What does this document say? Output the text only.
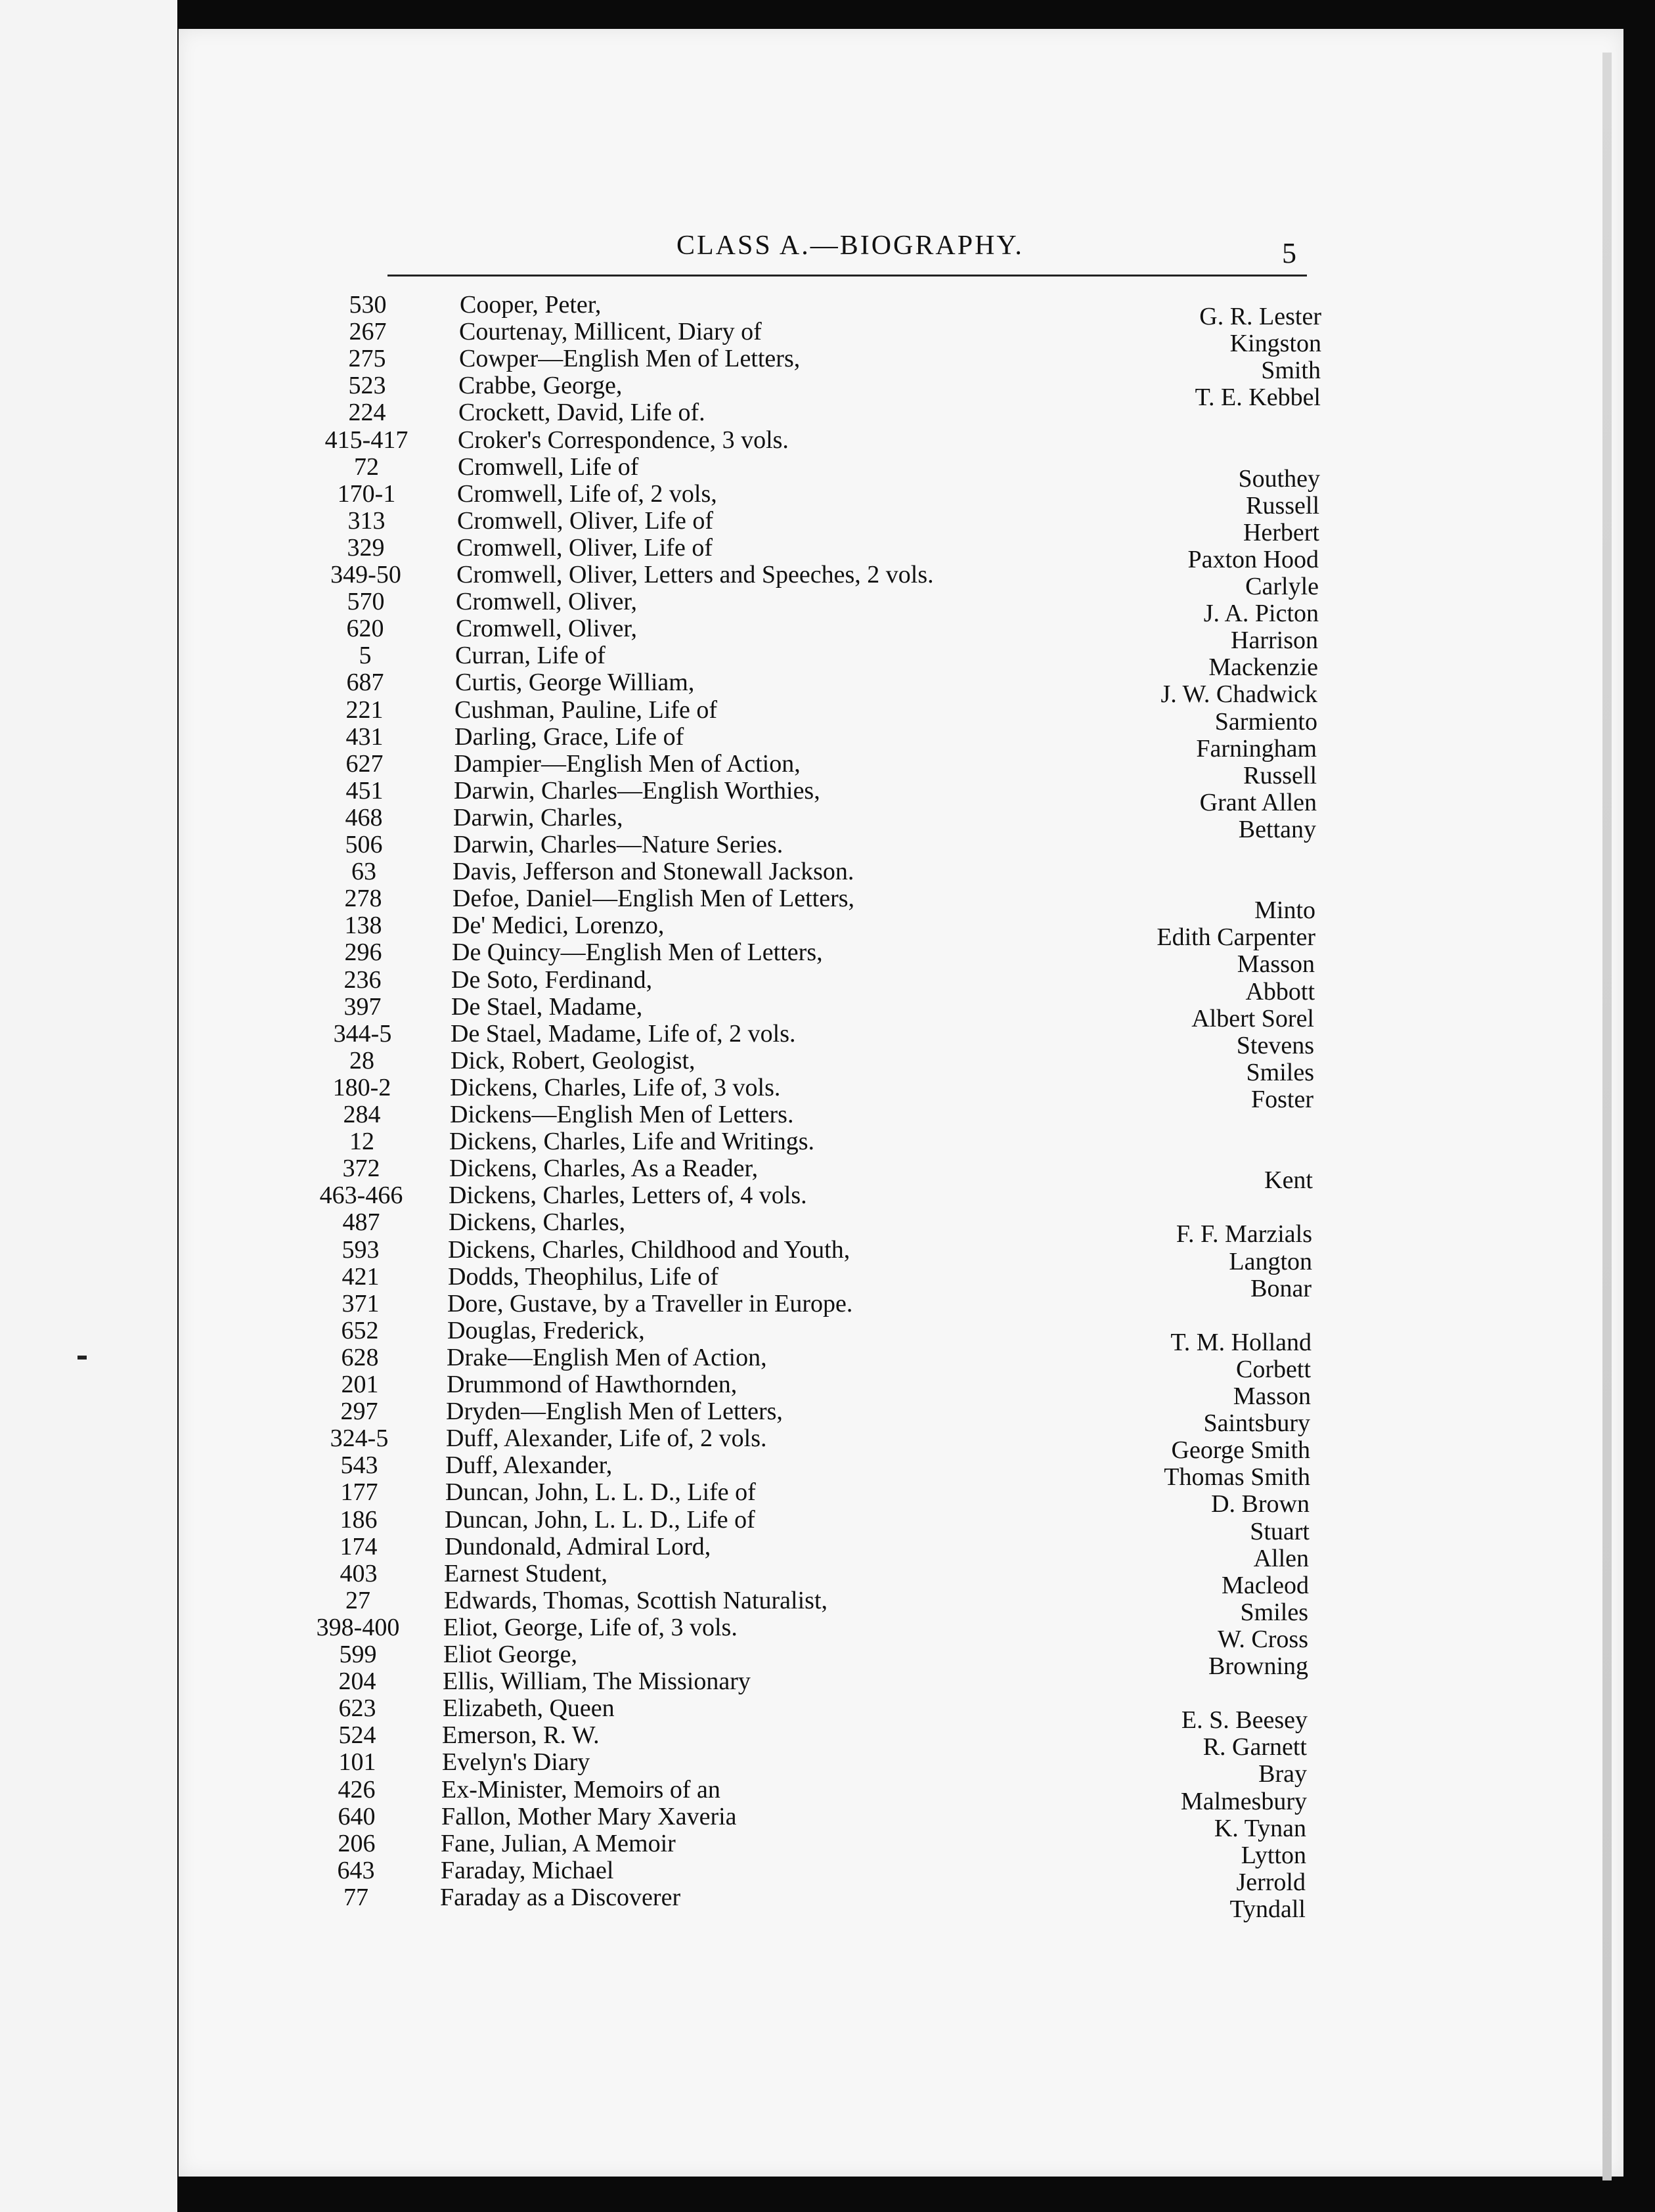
CLASS A.—BIOGRAPHY.	5
530	Cooper, Peter,	G. R. Lester
267	Courtenay, Millicent, Diary of	Kingston
275	Cowper—English Men of Letters,	Smith
523	Crabbe, George,	T. E. Kebbel
224	Crockett, David, Life of.
415-417	Croker's Correspondence, 3 vols.
72	Cromwell, Life of	Southey
170-1	Cromwell, Life of, 2 vols,	Russell
313	Cromwell, Oliver, Life of	Herbert
329	Cromwell, Oliver, Life of	Paxton Hood
349-50	Cromwell, Oliver, Letters and Speeches, 2 vols.	Carlyle
570	Cromwell, Oliver,	J. A. Picton
620	Cromwell, Oliver,	Harrison
5	Curran, Life of	Mackenzie
687	Curtis, George William,	J. W. Chadwick
221	Cushman, Pauline, Life of	Sarmiento
431	Darling, Grace, Life of	Farningham
627	Dampier—English Men of Action,	Russell
451	Darwin, Charles—English Worthies,	Grant Allen
468	Darwin, Charles,	Bettany
506	Darwin, Charles—Nature Series.
63	Davis, Jefferson and Stonewall Jackson.
278	Defoe, Daniel—English Men of Letters,	Minto
138	De' Medici, Lorenzo,	Edith Carpenter
296	De Quincy—English Men of Letters,	Masson
236	De Soto, Ferdinand,	Abbott
397	De Stael, Madame,	Albert Sorel
344-5	De Stael, Madame, Life of, 2 vols.	Stevens
28	Dick, Robert, Geologist,	Smiles
180-2	Dickens, Charles, Life of, 3 vols.	Foster
284	Dickens—English Men of Letters.
12	Dickens, Charles, Life and Writings.
372	Dickens, Charles, As a Reader,	Kent
463-466	Dickens, Charles, Letters of, 4 vols.
487	Dickens, Charles,	F. F. Marzials
593	Dickens, Charles, Childhood and Youth,	Langton
421	Dodds, Theophilus, Life of	Bonar
371	Dore, Gustave, by a Traveller in Europe.
652	Douglas, Frederick,	T. M. Holland
628	Drake—English Men of Action,	Corbett
201	Drummond of Hawthornden,	Masson
297	Dryden—English Men of Letters,	Saintsbury
324-5	Duff, Alexander, Life of, 2 vols.	George Smith
543	Duff, Alexander,	Thomas Smith
177	Duncan, John, L. L. D., Life of	D. Brown
186	Duncan, John, L. L. D., Life of	Stuart
174	Dundonald, Admiral Lord,	Allen
403	Earnest Student,	Macleod
27	Edwards, Thomas, Scottish Naturalist,	Smiles
398-400	Eliot, George, Life of, 3 vols.	W. Cross
599	Eliot George,	Browning
204	Ellis, William, The Missionary
623	Elizabeth, Queen	E. S. Beesey
524	Emerson, R. W.	R. Garnett
101	Evelyn's Diary	Bray
426	Ex-Minister, Memoirs of an	Malmesbury
640	Fallon, Mother Mary Xaveria	K. Tynan
206	Fane, Julian, A Memoir	Lytton
643	Faraday, Michael	Jerrold
77	Faraday as a Discoverer	Tyndall
